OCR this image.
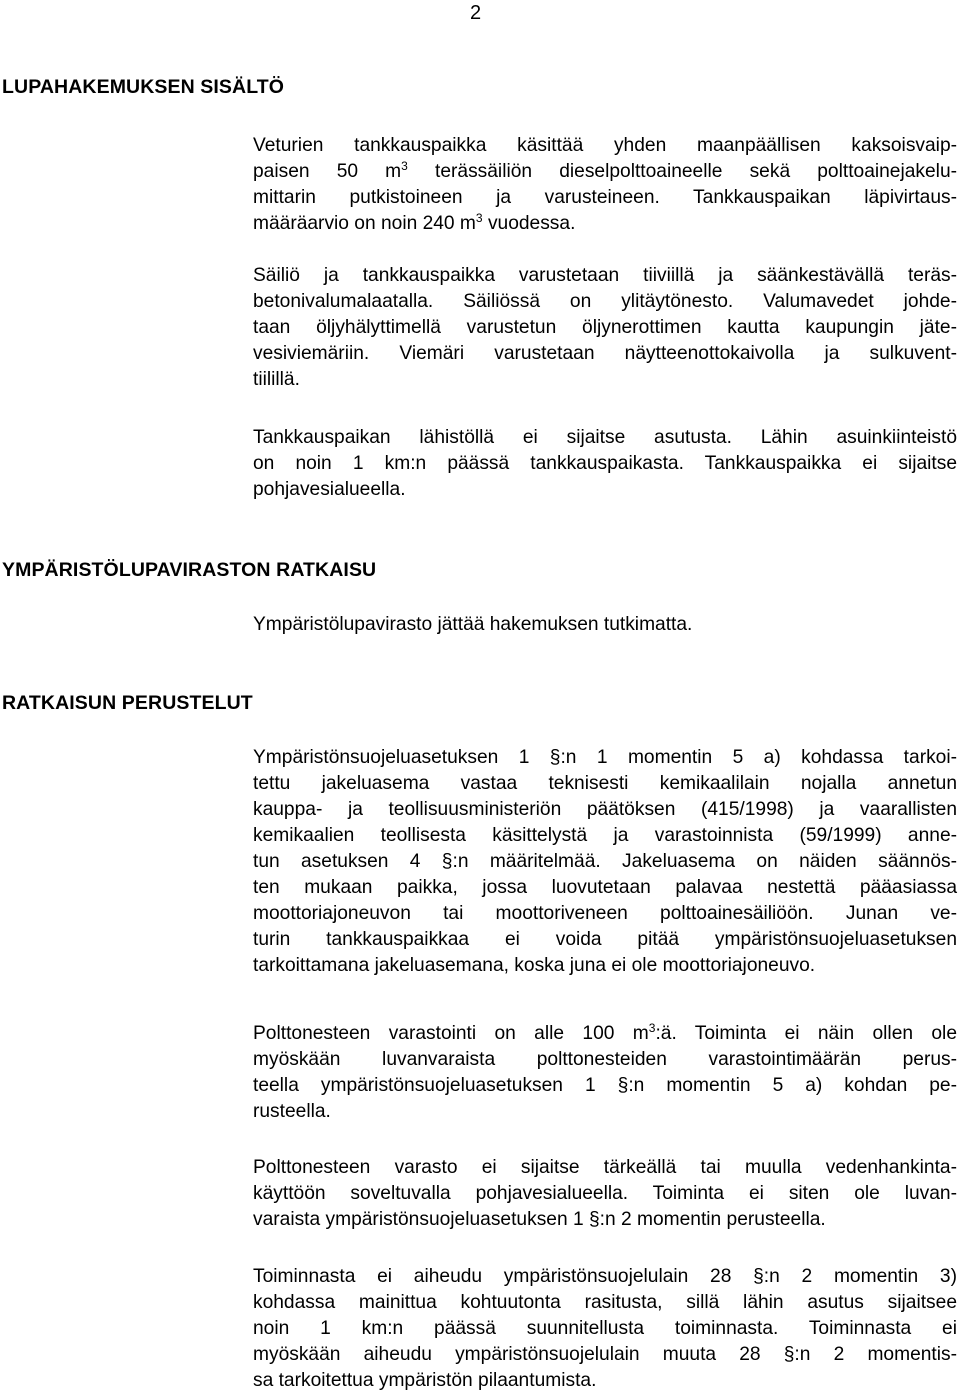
2
LUPAHAKEMUKSEN SISÄLTÖ
Veturien tankkauspaikka käsittää yhden maanpäällisen kaksoisvaip-
paisen 50 $m^3$ terässäiliön dieselpolttoaineelle sekä polttoainejakelu-
mittarin putkistoineen ja varusteineen. Tankkauspaikan läpivirtaus-
määräarvio on noin 240 $m^3$ vuodessa.
Säiliö ja tankkauspaikka varustetaan tiiviillä ja säänkestävällä teräs-
betonivalumalaatalla. Säiliössä on ylitäytönesto. Valumavedet johde-
taan öljyhälyttimellä varustetun öljynerottimen kautta kaupungin jäte-
vesiviemäriin. Viemäri varustetaan näytteenottokaivolla ja sulkuvent-
tiilillä.
Tankkauspaikan lähistöllä ei sijaitse asutusta. Lähin asuinkiinteistö
on noin 1 km:n päässä tankkauspaikasta. Tankkauspaikka ei sijaitse
pohjavesialueella.
YMPÄRISTÖLUPAVIRASTON RATKAISU
Ympäristölupavirasto jättää hakemuksen tutkimatta.
RATKAISUN PERUSTELUT
Ympäristönsuojeluasetuksen 1 §:n 1 momentin 5 a) kohdassa tarkoi-
tettu jakeluasema vastaa teknisesti kemikaalilain nojalla annetun
kauppa- ja teollisuusministeriön päätöksen (415/1998) ja vaarallisten
kemikaalien teollisesta käsittelystä ja varastoinnista (59/1999) anne-
tun asetuksen 4 §:n määritelmää. Jakeluasema on näiden säännös-
ten mukaan paikka, jossa luovutetaan palavaa nestettä pääasiassa
moottoriajoneuvon tai moottoriveneen polttoainesäiliöön. Junan ve-
turin tankkauspaikkaa ei voida pitää ympäristönsuojeluasetuksen
tarkoittamana jakeluasemana, koska juna ei ole moottoriajoneuvo.
Polttonesteen varastointi on alle 100 $m^3:ä$. Toiminta ei näin ollen ole
myöskään luvanvaraista polttonesteiden varastointimäärän perus-
teella ympäristönsuojeluasetuksen 1 §:n momentin 5 a) kohdan pe-
rusteella.
Polttonesteen varasto ei sijaitse tärkeällä tai muulla vedenhankinta-
käyttöön soveltuvalla pohjavesialueella. Toiminta ei siten ole luvan-
varaista ympäristönsuojeluasetuksen 1 §:n 2 momentin perusteella.
Toiminnasta ei aiheudu ympäristönsuojelulain 28 §:n 2 momentin 3)
kohdassa mainittua kohtuutonta rasitusta, sillä lähin asutus sijaitsee
noin 1 km:n päässä suunnitellusta toiminnasta. Toiminnasta ei
myöskään aiheudu ympäristönsuojelulain muuta 28 §:n 2 momentis-
sa tarkoitettua ympäristön pilaantumista.
